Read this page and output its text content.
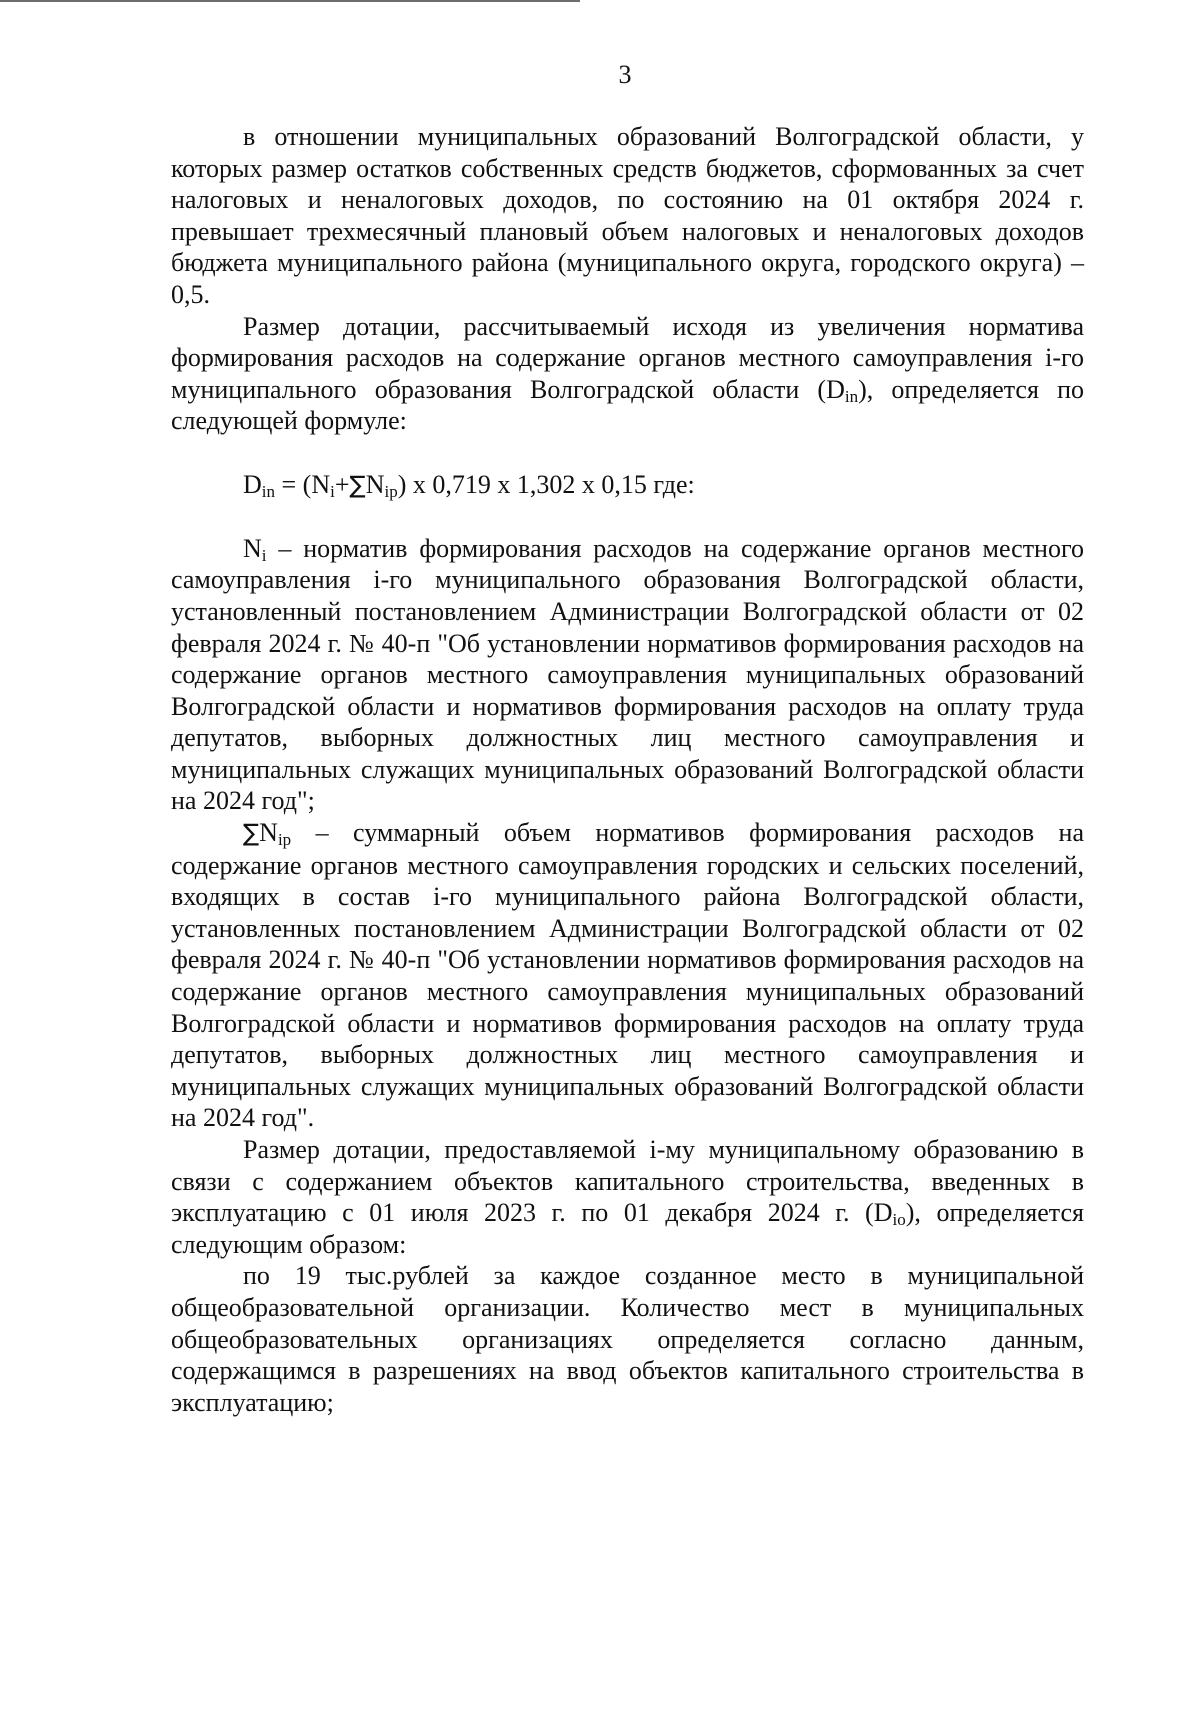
3

в отношении муниципальных образований Волгоградской области, у которых размер остатков собственных средств бюджетов, сформованных за счет налоговых и неналоговых доходов, по состоянию на 01 октября 2024 г. превышает трехмесячный плановый объем налоговых и неналоговых доходов бюджета муниципального района (муниципального округа, городского округа) – 0,5.

Размер дотации, рассчитываемый исходя из увеличения норматива формирования расходов на содержание органов местного самоуправления i-го муниципального образования Волгоградской области $(D_{in})$, определяется по следующей формуле:

$D_{in} = (N_i+\sum N_{ip})$ x 0,719 x 1,302 x 0,15 где:

$N_i$ – норматив формирования расходов на содержание органов местного самоуправления i-го муниципального образования Волгоградской области, установленный постановлением Администрации Волгоградской области от 02 февраля 2024 г. № 40-п "Об установлении нормативов формирования расходов на содержание органов местного самоуправления муниципальных образований Волгоградской области и нормативов формирования расходов на оплату труда депутатов, выборных должностных лиц местного самоуправления и муниципальных служащих муниципальных образований Волгоградской области на 2024 год";

$\sum N_{ip}$ – суммарный объем нормативов формирования расходов на содержание органов местного самоуправления городских и сельских поселений, входящих в состав i-го муниципального района Волгоградской области, установленных постановлением Администрации Волгоградской области от 02 февраля 2024 г. № 40-п "Об установлении нормативов формирования расходов на содержание органов местного самоуправления муниципальных образований Волгоградской области и нормативов формирования расходов на оплату труда депутатов, выборных должностных лиц местного самоуправления и муниципальных служащих муниципальных образований Волгоградской области на 2024 год".

Размер дотации, предоставляемой i-му муниципальному образованию в связи с содержанием объектов капитального строительства, введенных в эксплуатацию с 01 июля 2023 г. по 01 декабря 2024 г. $(D_{io})$, определяется следующим образом:

по 19 тыс.рублей за каждое созданное место в муниципальной общеобразовательной организации. Количество мест в муниципальных общеобразовательных организациях определяется согласно данным, содержащимся в разрешениях на ввод объектов капитального строительства в эксплуатацию;
